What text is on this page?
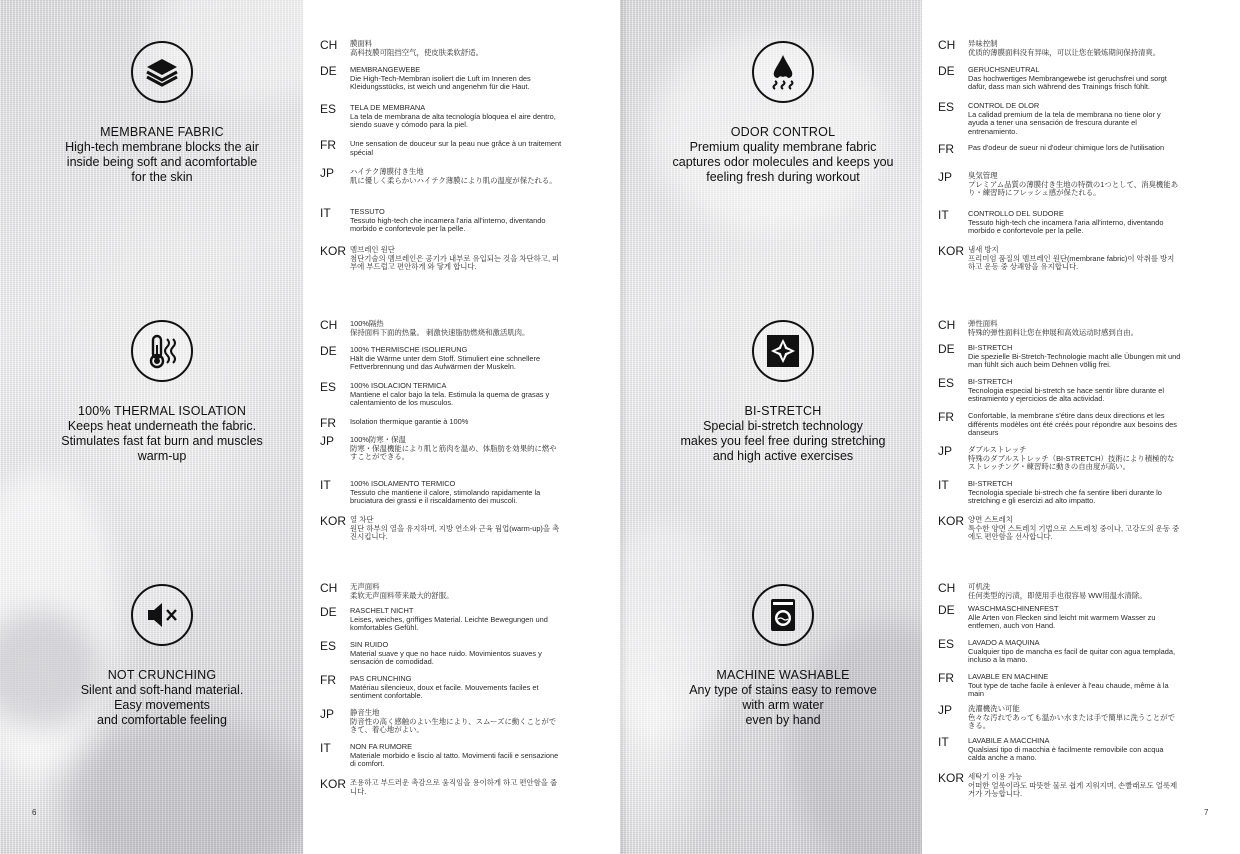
MEMBRANE FABRIC
High-tech membrane blocks the air
inside being soft and acomfortable
for the skin
CH 膜面料
高科技膜可阻挡空气，使皮肤柔软舒适。
DE MEMBRANGEWEBE
Die High-Tech-Membran isoliert die Luft im Inneren des Kleidungsstücks, ist weich und angenehm für die Haut.
ES TELA DE MEMBRANA
La tela de membrana de alta tecnología bloquea el aire dentro, siendo suave y cómodo para la piel.
FR Une sensation de douceur sur la peau nue grâce à un traitement spécial
JP ハイテク薄膜付き生地
肌に優しく柔らかいハイテク薄膜により肌の温度が保たれる。
IT	TESSUTO
Tessuto high-tech che incamera l'aria all'interno, diventando morbido e confortevole per la pelle.
KOR 멤브레인 원단
첨단기술의 멤브레인은 공기가 내부로 유입되는 것을 차단하고, 피부에 부드럽고 편안하게 와 닿게 합니다.
100% THERMAL ISOLATION
Keeps heat underneath the fabric.
Stimulates fast fat burn and muscles
warm-up
CH 100%隔热
保持面料下面的热量。 刺激快速脂肪燃烧和激活肌肉。
DE 100% THERMISCHE ISOLIERUNG
Hält die Wärme unter dem Stoff. Stimuliert eine schnellere Fettverbrennung und das Aufwärmen der Muskeln.
ES 100% ISOLACION TERMICA
Mantiene el calor bajo la tela. Estimula la quema de grasas y calentamiento de los musculos.
FR Isolation thermique garantie à 100%
JP 100%防寒・保温
防寒・保温機能により肌と筋肉を温め、体脂肪を効果的に燃やすことができる。
IT	100% ISOLAMENTO TERMICO
Tessuto che mantiene il calore, stimolando rapidamente la bruciatura dei grassi e il riscaldamento dei muscoli.
KOR 열 차단
원단 하부의 열을 유지하며, 지방 연소와 근육 웜업(warm-up)을 촉진시킵니다.
NOT CRUNCHING
Silent and soft-hand material.
Easy movements
and comfortable feeling
CH 无声面料
柔软无声面料带来最大的舒服。
DE RASCHELT NICHT
Leises, weiches, griffiges Material. Leichte Bewegungen und komfortables Gefühl.
ES SIN RUIDO
Material suave y que no hace ruido. Movimientos suaves y sensación de comodidad.
FR PAS CRUNCHING
Matériau silencieux, doux et facile. Mouvements faciles et sentiment confortable.
JP 静音生地
防音性の高く感触のよい生地により、スムーズに動くことができて、着心地がよい。
IT	NON FA RUMORE
Materiale morbido e liscio al tatto. Movimenti facili e sensazione di comfort.
KOR 조용하고 부드러운 촉감으로 움직임을 용이하게 하고 편안함을 줍니다.
ODOR CONTROL
Premium quality membrane fabric
captures odor molecules and keeps you
feeling fresh during workout
CH 异味控制
优质的薄膜面料没有异味，可以让您在锻炼期间保持清爽。
DE GERUCHSNEUTRAL
Das hochwertiges Membrangewebe ist geruchsfrei und sorgt dafür, dass man sich während des Trainings frisch fühlt.
ES CONTROL DE OLOR
La calidad premium de la tela de membrana no tiene olor y ayuda a tener una sensación de frescura durante el entrenamiento.
FR Pas d'odeur de sueur ni d'odeur chimique lors de l'utilisation
JP 臭気管理
プレミアム品質の薄膜付き生地の特徴の1つとして、消臭機能あり・練習時にフレッシュ感が保たれる。
IT	CONTROLLO DEL SUDORE
Tessuto high-tech che incamera l'aria all'interno, diventando morbido e confortevole per la pelle.
KOR 냄새 방지
프리미엄 품질의 멤브레인 원단(membrane fabric)이 악취를 방지하고 운동 중 상쾌함을 유지합니다.
BI-STRETCH
Special bi-stretch technology
makes you feel free during stretching
and high active exercises
CH 弹性面料
特殊的弹性面料让您在伸展和高效运动时感到自由。
DE BI-STRETCH
Die spezielle Bi-Stretch-Technologie macht alle Übungen mit und man fühlt sich auch beim Dehnen völlig frei.
ES BI-STRETCH
Tecnologia especial bi-stretch se hace sentir libre durante el estiramiento y ejercicios de alta actividad.
FR Confortable, la membrane s'étire dans deux directions et les différents modèles ont été créés pour répondre aux besoins des danseurs
JP ダブルストレッチ
特殊のダブルストレッチ（BI-STRETCH）技術により積極的なストレッチング・練習時に動きの自由度が高い。
IT	BI-STRETCH
Tecnologia speciale bi-strech che fa sentire liberi durante lo stretching e gli esercizi ad alto impatto.
KOR 양면 스트레치
특수한 양면 스트레치 기법으로 스트레칭 중이나, 고강도의 운동 중에도 편안함을 선사합니다.
MACHINE WASHABLE
Any type of stains easy to remove
with arm water
even by hand
CH 可机洗
任何类型的污渍，即使用手也很容易 WW用温水清除。
DE WASCHMASCHINENFEST
Alle Arten von Flecken sind leicht mit warmem Wasser zu entfernen, auch von Hand.
ES LAVADO A MAQUINA
Cualquier tipo de mancha es facil de quitar con agua templada, incluso a la mano.
FR LAVABLE EN MACHINE
Tout type de tache facile à enlever à l'eau chaude, même à la main
JP 洗濯機洗い可能
色々な汚れであっても温かい水または手で簡単に洗うことができる。
IT	LAVABILE A MACCHINA
Qualsiasi tipo di macchia è facilmente removibile con acqua calda anche a mano.
KOR 세탁기 이용 가능
어떠한 얼룩이라도 따뜻한 물로 쉽게 지워지며, 손빨래로도 얼룩제거가 가능합니다.
6	7
